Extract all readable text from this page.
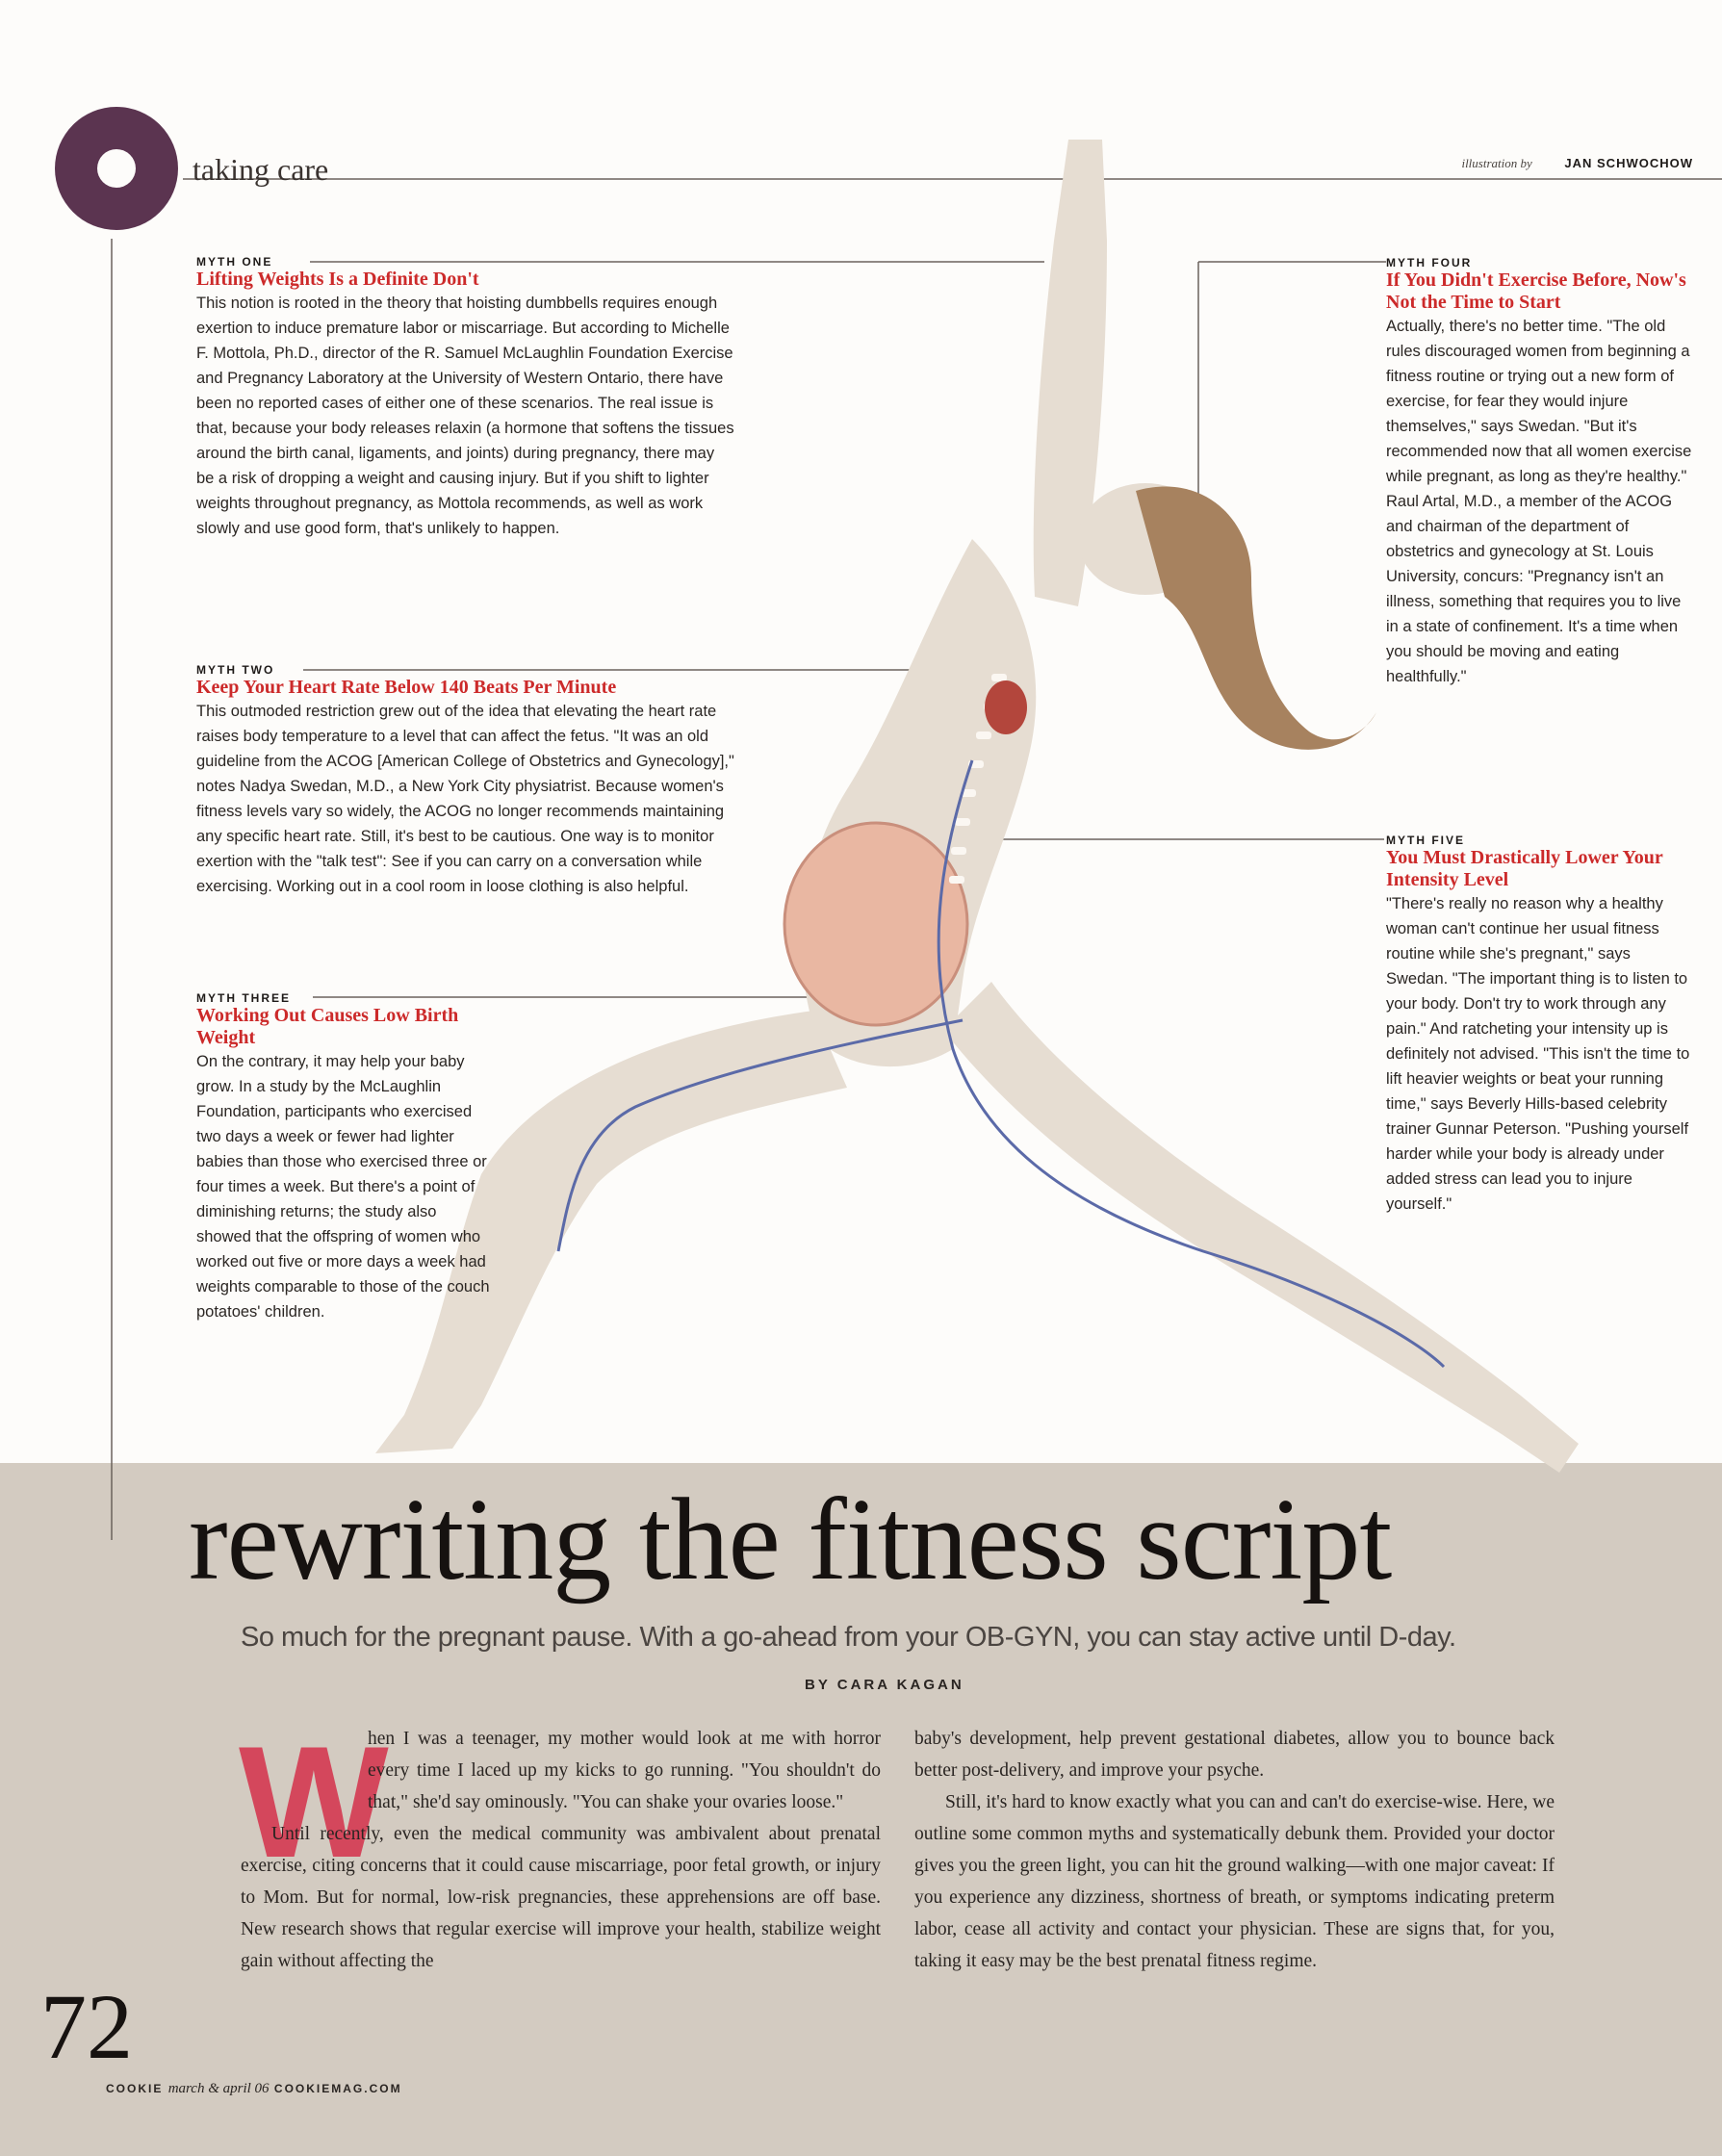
taking care	illustration by	JAN SCHWOCHOW
MYTH ONE
Lifting Weights Is a Definite Don't
This notion is rooted in the theory that hoisting dumbbells requires enough exertion to induce premature labor or miscarriage. But according to Michelle F. Mottola, Ph.D., director of the R. Samuel McLaughlin Foundation Exercise and Pregnancy Laboratory at the University of Western Ontario, there have been no reported cases of either one of these scenarios. The real issue is that, because your body releases relaxin (a hormone that softens the tissues around the birth canal, ligaments, and joints) during pregnancy, there may be a risk of dropping a weight and causing injury. But if you shift to lighter weights throughout pregnancy, as Mottola recommends, as well as work slowly and use good form, that's unlikely to happen.
MYTH TWO
Keep Your Heart Rate Below 140 Beats Per Minute
This outmoded restriction grew out of the idea that elevating the heart rate raises body temperature to a level that can affect the fetus. "It was an old guideline from the ACOG [American College of Obstetrics and Gynecology]," notes Nadya Swedan, M.D., a New York City physiatrist. Because women's fitness levels vary so widely, the ACOG no longer recommends maintaining any specific heart rate. Still, it's best to be cautious. One way is to monitor exertion with the "talk test": See if you can carry on a conversation while exercising. Working out in a cool room in loose clothing is also helpful.
MYTH THREE
Working Out Causes Low Birth Weight
On the contrary, it may help your baby grow. In a study by the McLaughlin Foundation, participants who exercised two days a week or fewer had lighter babies than those who exercised three or four times a week. But there's a point of diminishing returns; the study also showed that the offspring of women who worked out five or more days a week had weights comparable to those of the couch potatoes' children.
MYTH FOUR
If You Didn't Exercise Before, Now's Not the Time to Start
Actually, there's no better time. "The old rules discouraged women from beginning a fitness routine or trying out a new form of exercise, for fear they would injure themselves," says Swedan. "But it's recommended now that all women exercise while pregnant, as long as they're healthy." Raul Artal, M.D., a member of the ACOG and chairman of the department of obstetrics and gynecology at St. Louis University, concurs: "Pregnancy isn't an illness, something that requires you to live in a state of confinement. It's a time when you should be moving and eating healthfully."
MYTH FIVE
You Must Drastically Lower Your Intensity Level
"There's really no reason why a healthy woman can't continue her usual fitness routine while she's pregnant," says Swedan. "The important thing is to listen to your body. Don't try to work through any pain." And ratcheting your intensity up is definitely not advised. "This isn't the time to lift heavier weights or beat your running time," says Beverly Hills-based celebrity trainer Gunnar Peterson. "Pushing yourself harder while your body is already under added stress can lead you to injure yourself."
rewriting the fitness script
So much for the pregnant pause. With a go-ahead from your OB-GYN, you can stay active until D-day.
BY CARA KAGAN
W

hen I was a teenager, my mother would look at me with horror every time I laced up my kicks to go running. "You shouldn't do that," she'd say ominously. "You can shake your ovaries loose."

Until recently, even the medical community was ambivalent about prenatal exercise, citing concerns that it could cause miscarriage, poor fetal growth, or injury to Mom. But for normal, low-risk pregnancies, these apprehensions are off base. New research shows that regular exercise will improve your health, stabilize weight gain without affecting the

baby's development, help prevent gestational diabetes, allow you to bounce back better post-delivery, and improve your psyche.

Still, it's hard to know exactly what you can and can't do exercise-wise. Here, we outline some common myths and systematically debunk them. Provided your doctor gives you the green light, you can hit the ground walking—with one major caveat: If you experience any dizziness, shortness of breath, or symptoms indicating preterm labor, cease all activity and contact your physician. These are signs that, for you, taking it easy may be the best prenatal fitness regime.

72
COOKIE march & april 06 COOKIEMAG.COM
